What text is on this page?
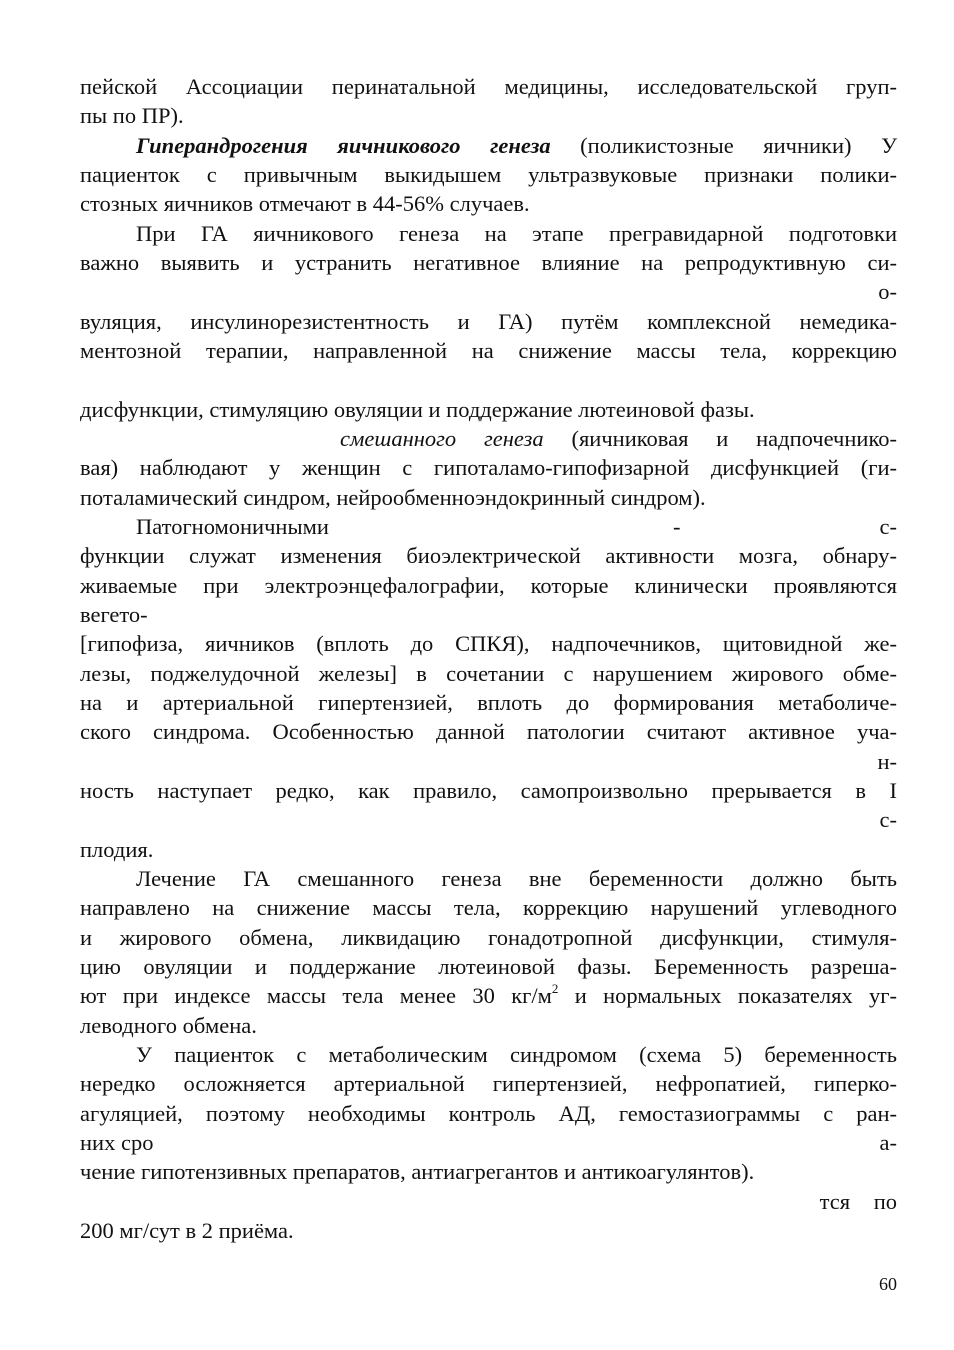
пейской Ассоциации перинатальной медицины, исследовательской груп-
пы по ПР).
Гиперандрогения яичникового генеза (поликистозные яичники) У
пациенток с привычным выкидышем ультразвуковые признаки полики-
стозных яичников отмечают в 44-56% случаев.
При ГА яичникового генеза на этапе прегравидарной подготовки
важно выявить и устранить негативное влияние на репродуктивную си-
о-
вуляция, инсулинорезистентность и ГА) путём комплексной немедика-
ментозной терапии, направленной на снижение массы тела, коррекцию
дисфункции, стимуляцию овуляции и поддержание лютеиновой фазы.
смешанного генеза (яичниковая и надпочечнико-
вая) наблюдают у женщин с гипоталамо-гипофизарной дисфункцией (ги-
поталамический синдром, нейрообменноэндокринный синдром).
Патогномоничными	-	с-
функции служат изменения биоэлектрической активности мозга, обнару-
живаемые при электроэнцефалографии, которые клинически проявляются
вегето-
[гипофиза, яичников (вплоть до СПКЯ), надпочечников, щитовидной же-
лезы, поджелудочной железы] в сочетании с нарушением жирового обме-
на и артериальной гипертензией, вплоть до формирования метаболиче-
ского синдрома. Особенностью данной патологии считают активное уча-
н-
ность наступает редко, как правило, самопроизвольно прерывается в I
с-
плодия.
Лечение ГА смешанного генеза вне беременности должно быть
направлено на снижение массы тела, коррекцию нарушений углеводного
и жирового обмена, ликвидацию гонадотропной дисфункции, стимуля-
цию овуляции и поддержание лютеиновой фазы. Беременность разреша-
ют при индексе массы тела менее 30 $кг/м^2$ и нормальных показателях уг-
леводного обмена.
У пациенток с метаболическим синдромом (схема 5) беременность
нередко осложняется артериальной гипертензией, нефропатией, гиперко-
агуляцией, поэтому необходимы контроль АД, гемостазиограммы с ран-
них сро	а-
чение гипотензивных препаратов, антиагрегантов и антикоагулянтов).
тся по
200 мг/сут в 2 приёма.
60
